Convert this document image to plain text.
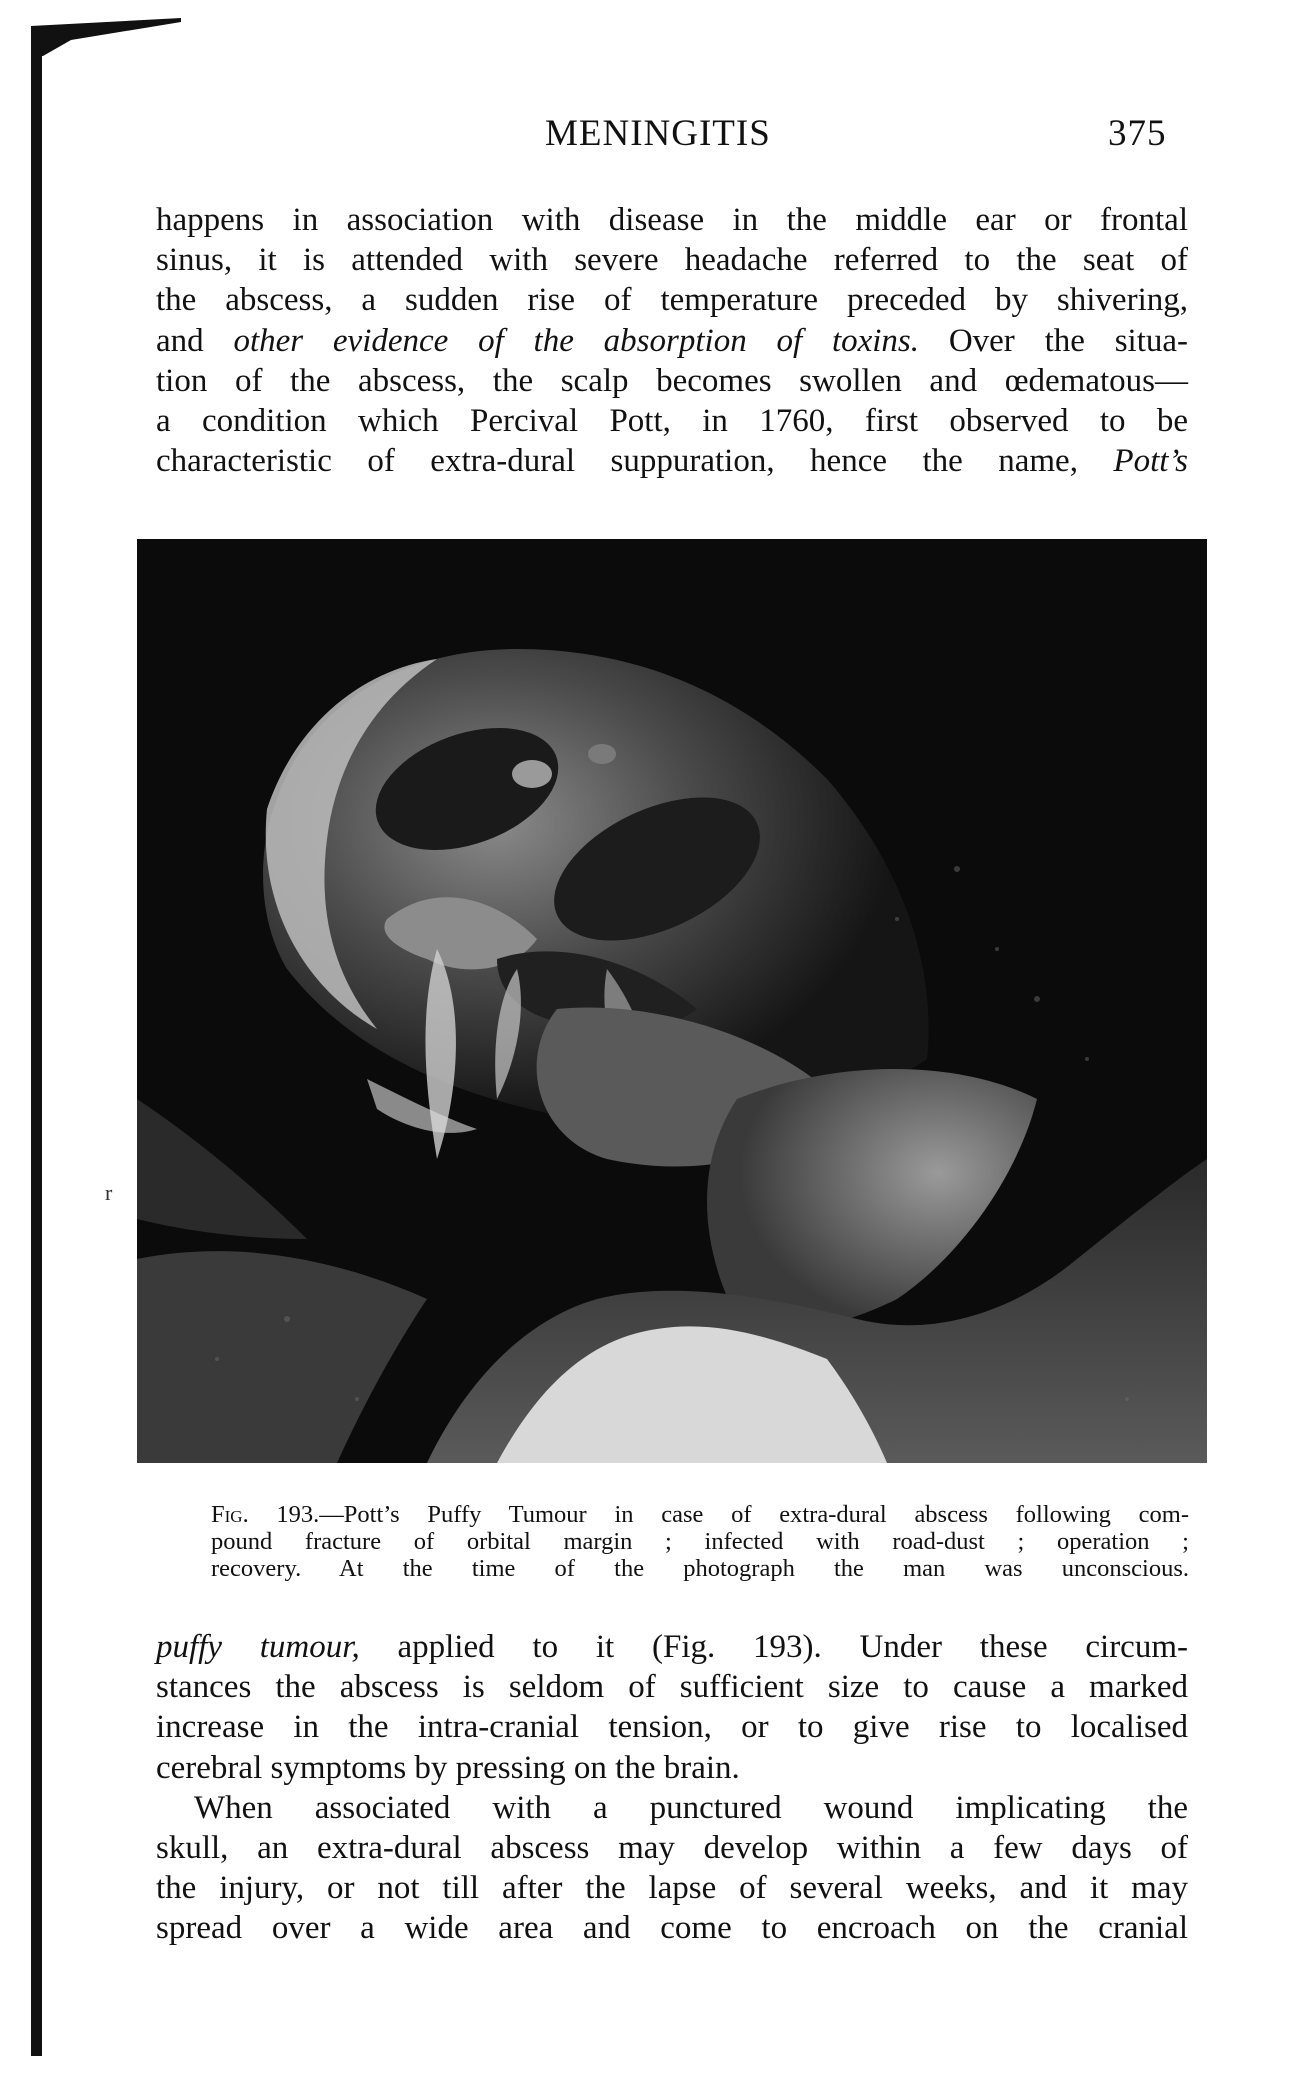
MENINGITIS	375
happens in association with disease in the middle ear or frontal
sinus, it is attended with severe headache referred to the seat of
the abscess, a sudden rise of temperature preceded by shivering,
and other evidence of the absorption of toxins. Over the situa-
tion of the abscess, the scalp becomes swollen and œdematous—
a condition which Percival Pott, in 1760, first observed to be
characteristic of extra-dural suppuration, hence the name, Pott’s
Fig. 193.—Pott’s Puffy Tumour in case of extra-dural abscess following com-
pound fracture of orbital margin ; infected with road-dust ; operation ;
recovery. At the time of the photograph the man was unconscious.
r
puffy tumour, applied to it (Fig. 193). Under these circum-
stances the abscess is seldom of sufficient size to cause a marked
increase in the intra-cranial tension, or to give rise to localised
cerebral symptoms by pressing on the brain.
When associated with a punctured wound implicating the
skull, an extra-dural abscess may develop within a few days of
the injury, or not till after the lapse of several weeks, and it may
spread over a wide area and come to encroach on the cranial
